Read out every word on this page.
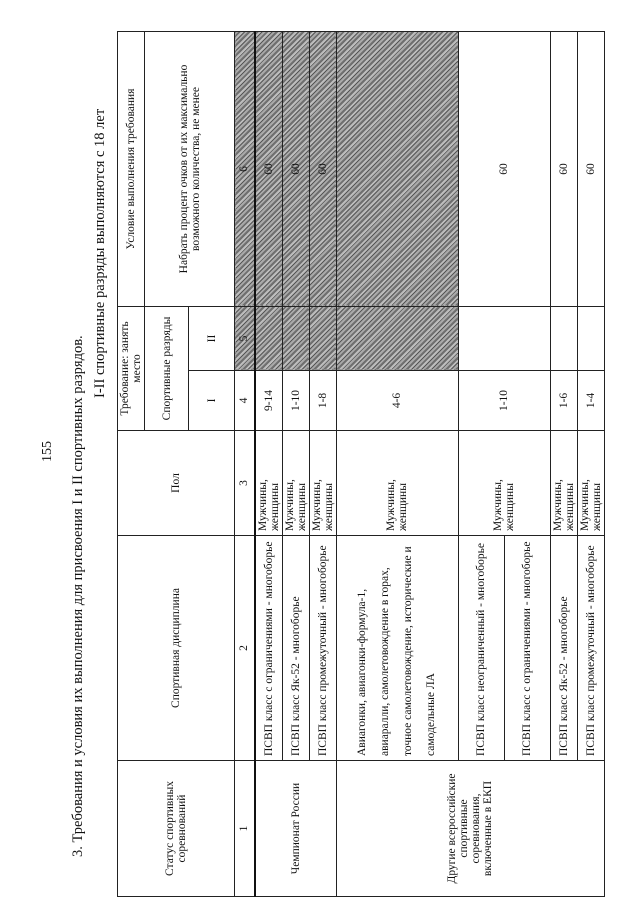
155 3. Требования и условия их выполнения для присвоения I и II спортивных разрядов.
I-II спортивные разряды выполняются с 18 лет
Статус спортивных соревнований	Спортивная дисциплина	Пол	Требование: занять место		Условие выполнения требования
			Спортивные разряды		Набрать процент очков от их максимально возможного количества, не менее
			I	II	
1	2	3	4	5	6
Чемпионат России	ПСВП класс с ограничениями - многоборье	Мужчины, женщины	9-14		60
	ПСВП класс Як-52 - многоборье	Мужчины, женщины	1-10		60
	ПСВП класс промежуточный - многоборье	Мужчины, женщины	1-8		60
Другие всероссийские спортивные соревнования, включенные в ЕКП	Авиагонки, авиагонки-формула-1, авиаралли, самолетовождение в горах, точное самолетовождение, исторические и самодельные ЛА	Мужчины, женщины	4-6		
	ПСВП класс неограниченный - многоборье	Мужчины, женщины	1-10		60
	ПСВП класс с ограничениями - многоборье				
	ПСВП класс Як-52 - многоборье	Мужчины, женщины	1-6		60
	ПСВП класс промежуточный - многоборье	Мужчины, женщины	1-4		60
